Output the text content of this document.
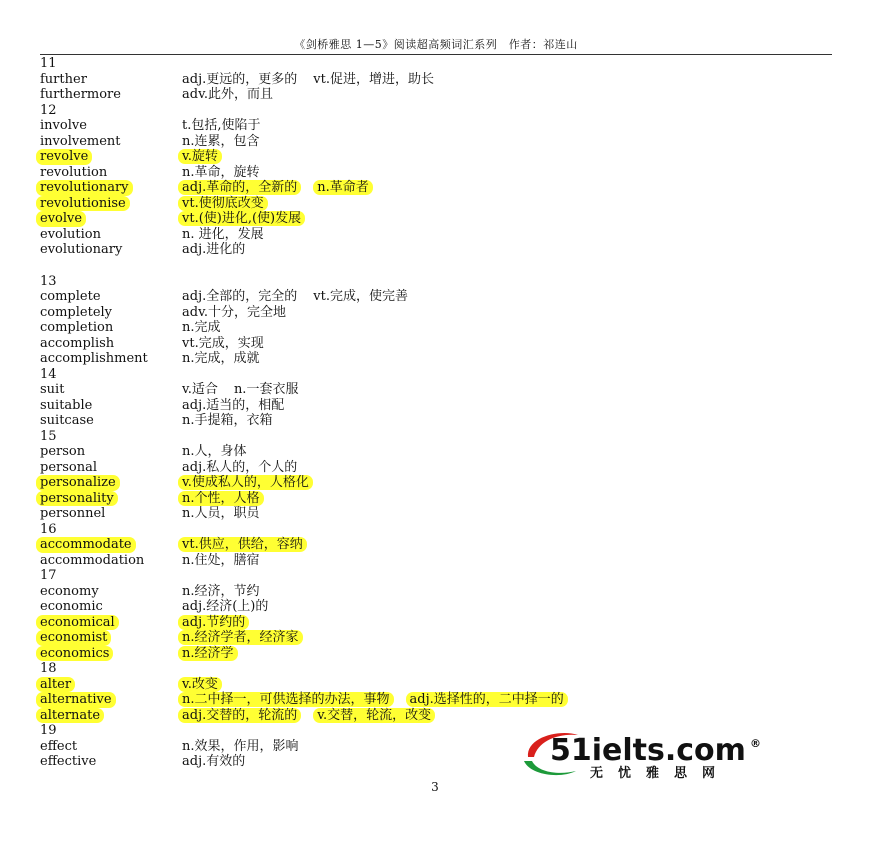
《剑桥雅思 1—5》阅读超高频词汇系列　作者：祁连山
11
further	adj.更远的，更多的 vt.促进，增进，助长
furthermore	adv.此外，而且
12
involve	t.包括,使陷于
involvement	n.连累，包含
revolve	v.旋转
revolution	n.革命，旋转
revolutionary	adj.革命的，全新的 n.革命者
revolutionise	vt.使彻底改变
evolve	vt.(使)进化,(使)发展
evolution	n. 进化，发展
evolutionary	adj.进化的
13
complete	adj.全部的，完全的 vt.完成，使完善
completely	adv.十分，完全地
completion	n.完成
accomplish	vt.完成，实现
accomplishment	n.完成，成就
14
suit	v.适合 n.一套衣服
suitable	adj.适当的，相配
suitcase	n.手提箱，衣箱
15
person	n.人，身体
personal	adj.私人的，个人的
personalize	v.使成私人的，人格化
personality	n.个性，人格
personnel	n.人员，职员
16
accommodate	vt.供应，供给，容纳
accommodation	n.住处，膳宿
17
economy	n.经济，节约
economic	adj.经济(上)的
economical	adj.节约的
economist	n.经济学者，经济家
economics	n.经济学
18
alter	v.改变
alternative	n.二中择一，可供选择的办法，事物 adj.选择性的，二中择一的
alternate	adj.交替的，轮流的 v.交替，轮流，改变
19
effect	n.效果，作用，影响
effective	adj.有效的	51ielts.com ®
无忧雅思网
3
